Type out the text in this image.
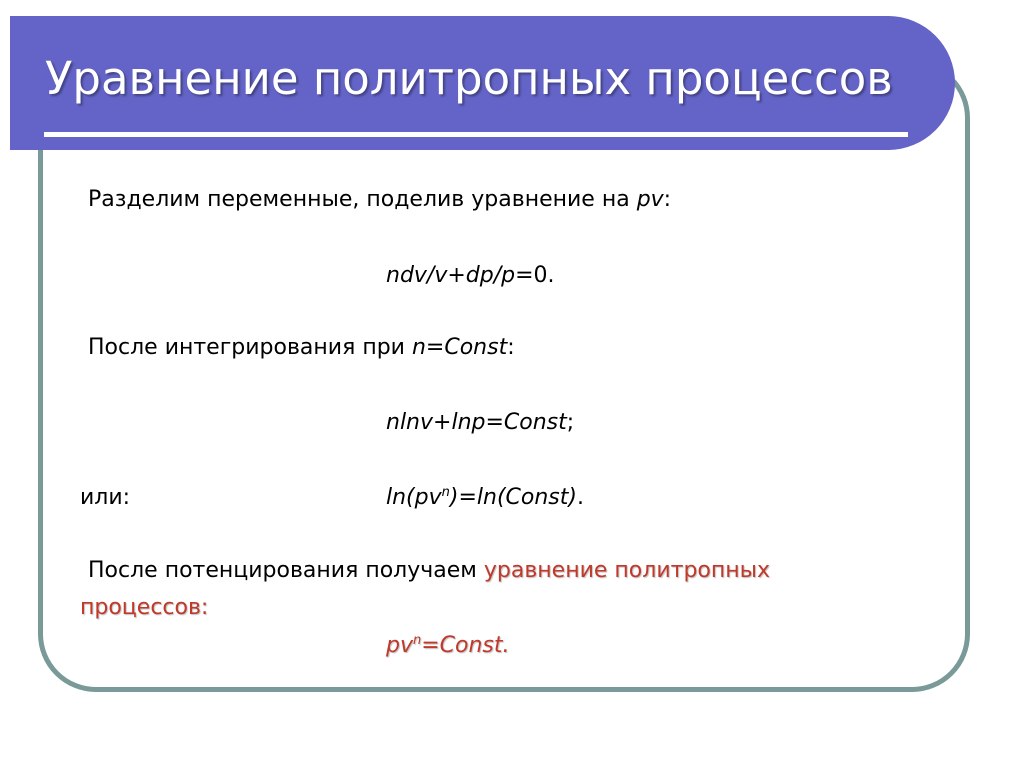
Уравнение политропных процессов
Разделим переменные, поделив уравнение на pv:
ndv/v+dp/p=0.
После интегрирования при n=Const:
nlnv+lnp=Const;
или:	$\ln(pv^n)=\ln(Const)$.
После потенцирования получаем уравнение политропных
процессов:
$pv^n=Const$.
